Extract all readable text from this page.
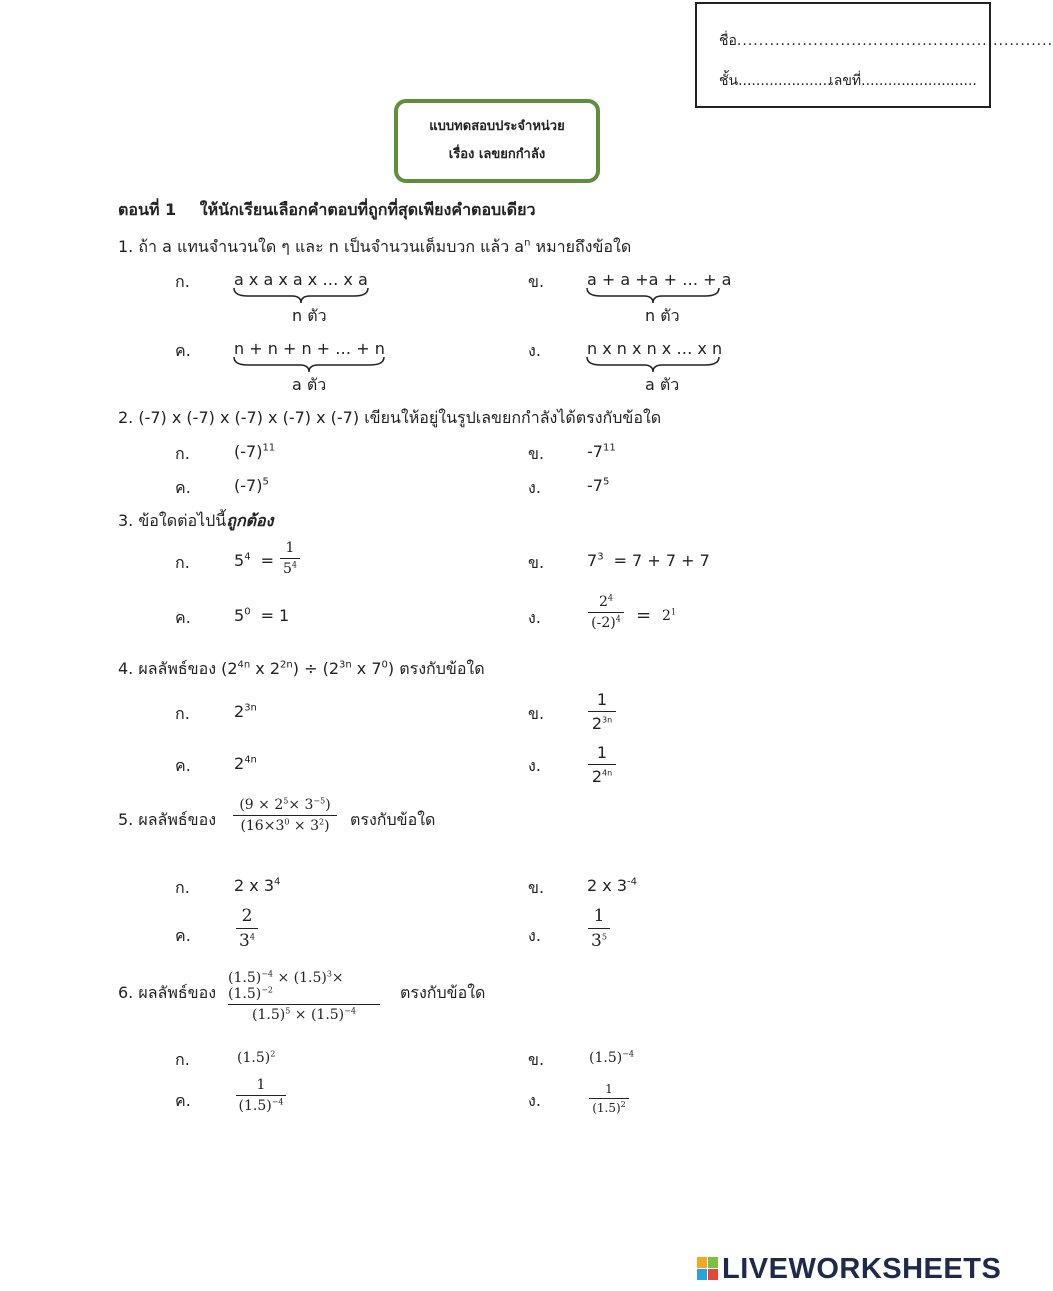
ชื่อ..........................................................
ชั้น.....................
เลขที่..........................
แบบทดสอบประจำหน่วย
เรื่อง เลขยกกำลัง
ตอนที่ 1 ให้นักเรียนเลือกคำตอบที่ถูกที่สุดเพียงคำตอบเดียว
1. ถ้า a แทนจำนวนใด ๆ และ n เป็นจำนวนเต็มบวก แล้ว $a^n$ หมายถึงข้อใด
ก.	a x a x a x … x a
n ตัว
ข.	a + a +a + … + a
n ตัว
ค.	n + n + n + … + n
a ตัว
ง.	n x n x n x … x n
a ตัว
2. (-7) x (-7) x (-7) x (-7) x (-7) เขียนให้อยู่ในรูปเลขยกกำลังได้ตรงกับข้อใด
ก.	$(-7)^{11}$	ข.	$-7^{11}$
ค.	$(-7)^5$	ง.	$-7^5$
3. ข้อใดต่อไปนี้ถูกต้อง
ก.	$5^4$ =
1
$5^4$	ข.	$7^3 = 7 + 7 + 7$
ค.	$5^0 = 1$	ง.
$2^4$
$(-2)^4 = 2^1$
4. ผลลัพธ์ของ ($2^{4n}$ x $2^{2n}) \div (2^{3n}$ x $7^0$) ตรงกับข้อใด
ก.	$2^{3n}$	ข.
1
$2^{3n}$
ค.	$2^{4n}$	ง.
1
$2^{4n}$
5. ผลลัพธ์ของ
$(9 \times 2^5\times 3^{-5})$
$(16\times 3^0 \times 3^2)$ ตรงกับข้อใด
ก.	2 x $3^4$	ข.	2 x $3^{-4}$
ค.
2
$3^4$	ง.
1
$3^5$
6. ผลลัพธ์ของ
$(1.5)^{-4} \times (1.5)^3\times (1.5)^{-2}$
$(1.5)^5 \times (1.5)^{-4}$
ตรงกับข้อใด
ก.	$(1.5)^2$	ข.	$(1.5)^{-4}$
ค.
1
$(1.5)^{-4}$	ง.
1
$(1.5)^2$
LIVEWORKSHEETS
